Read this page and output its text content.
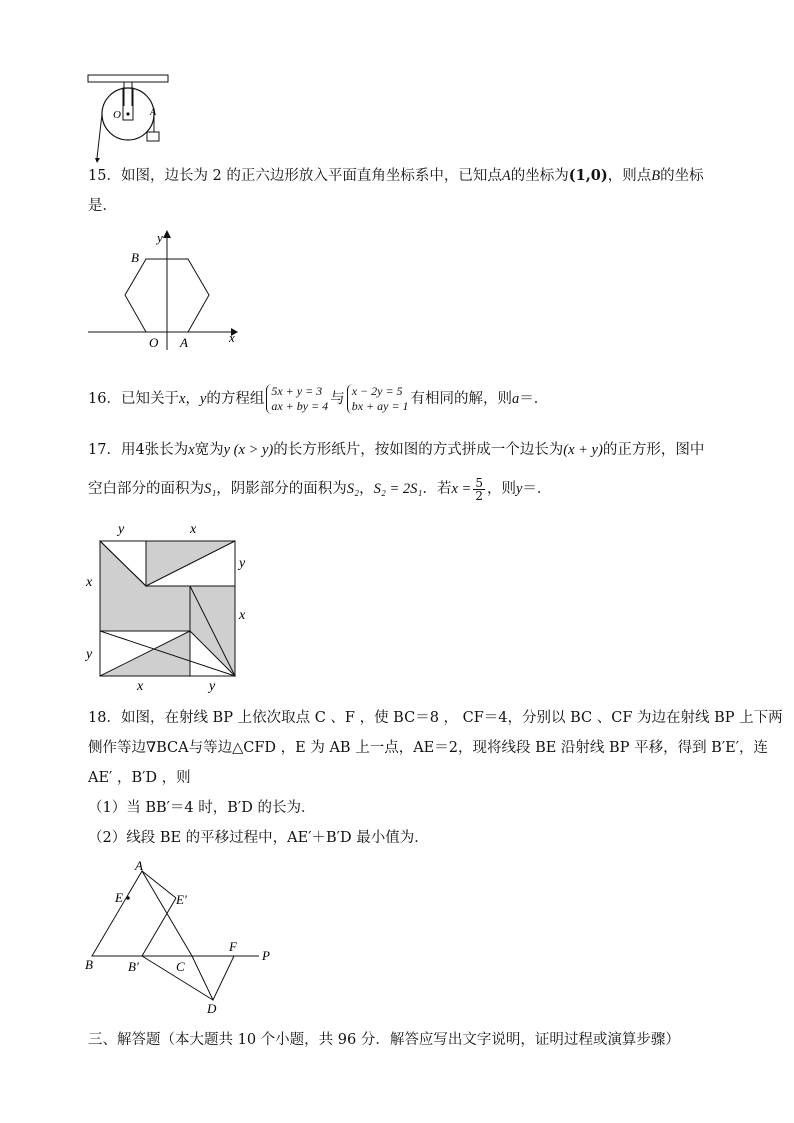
O	A
15．如图，边长为 2 的正六边形放入平面直角坐标系中，已知点A的坐标为(1,0)，则点B的坐标
是．
y
x
B
O A
16．已知关于x，y的方程组 5x + y = 3
ax + by = 4 与 x − 2y = 5
bx + ay = 1 有相同的解，则a＝．
17．用4张长为x宽为y (x > y)的长方形纸片，按如图的方式拼成一个边长为(x + y)的正方形，图中
空白部分的面积为S₁，阴影部分的面积为S₂，S₂ = 2S₁．若$x = \frac{5}{2}$ ，则y＝．
y	x
x
y
y
x
x	y
18．如图，在射线 BP 上依次取点 C 、F ，使 BC＝8 ， CF＝4，分别以 BC 、CF 为边在射线 BP 上下两
侧作等边∇BCA与等边△CFD ，E 为 AB 上一点，AE＝2，现将线段 BE 沿射线 BP 平移，得到 B′E′，连
AE′ ，B′D ，则
（1）当 BB′＝4 时，B′D 的长为．
（2）线段 BE 的平移过程中，AE′＋B′D 最小值为．
A
E	E′
B	B′	C
F
P
D
三、解答题（本大题共 10 个小题，共 96 分．解答应写出文字说明，证明过程或演算步骤）
